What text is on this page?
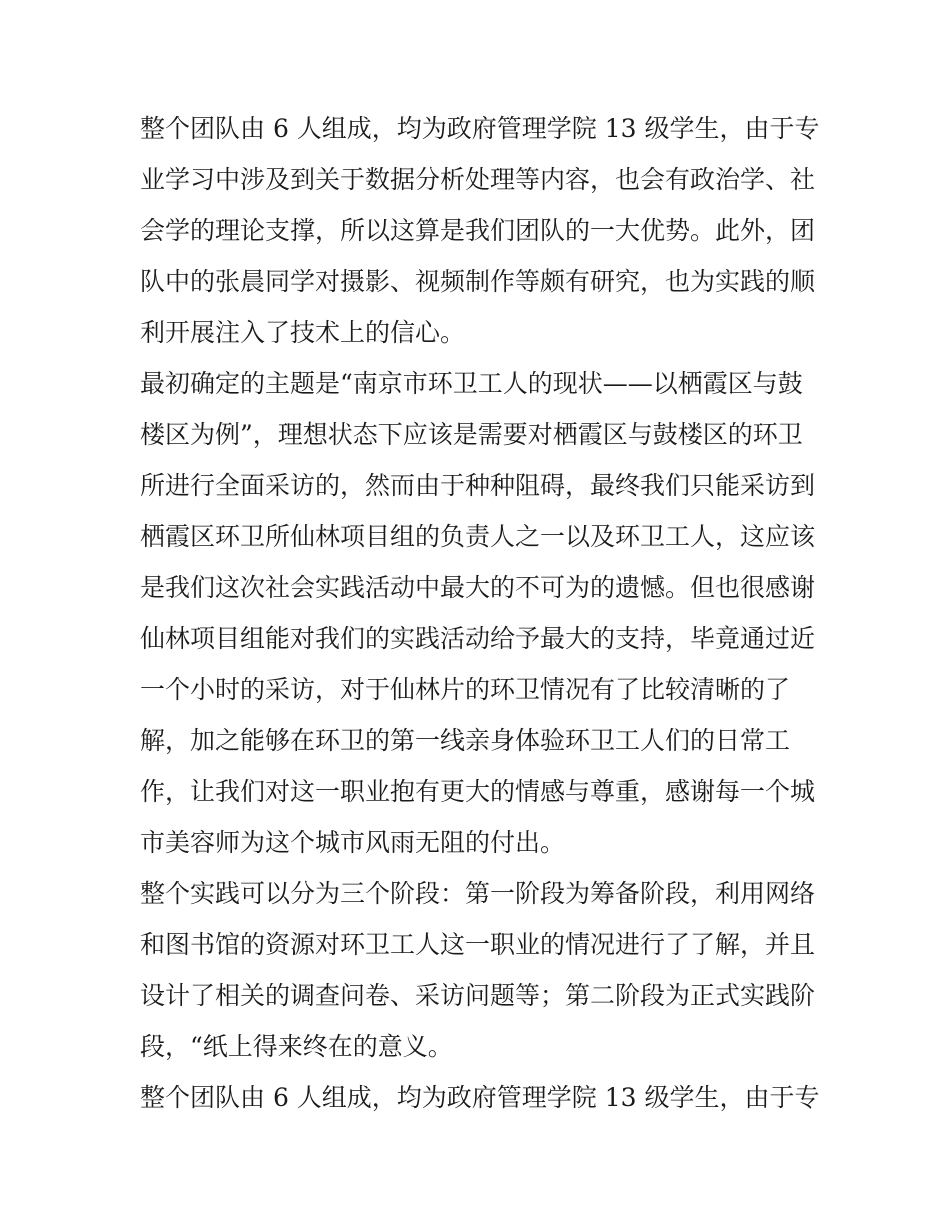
整个团队由 6 人组成，均为政府管理学院 13 级学生，由于专
业学习中涉及到关于数据分析处理等内容，也会有政治学、社
会学的理论支撑，所以这算是我们团队的一大优势。此外，团
队中的张晨同学对摄影、视频制作等颇有研究，也为实践的顺
利开展注入了技术上的信心。
最初确定的主题是“南京市环卫工人的现状——以栖霞区与鼓
楼区为例”，理想状态下应该是需要对栖霞区与鼓楼区的环卫
所进行全面采访的，然而由于种种阻碍，最终我们只能采访到
栖霞区环卫所仙林项目组的负责人之一以及环卫工人，这应该
是我们这次社会实践活动中最大的不可为的遗憾。但也很感谢
仙林项目组能对我们的实践活动给予最大的支持，毕竟通过近
一个小时的采访，对于仙林片的环卫情况有了比较清晰的了
解，加之能够在环卫的第一线亲身体验环卫工人们的日常工
作，让我们对这一职业抱有更大的情感与尊重，感谢每一个城
市美容师为这个城市风雨无阻的付出。
整个实践可以分为三个阶段：第一阶段为筹备阶段，利用网络
和图书馆的资源对环卫工人这一职业的情况进行了了解，并且
设计了相关的调查问卷、采访问题等；第二阶段为正式实践阶
段，“纸上得来终在的意义。
整个团队由 6 人组成，均为政府管理学院 13 级学生，由于专
